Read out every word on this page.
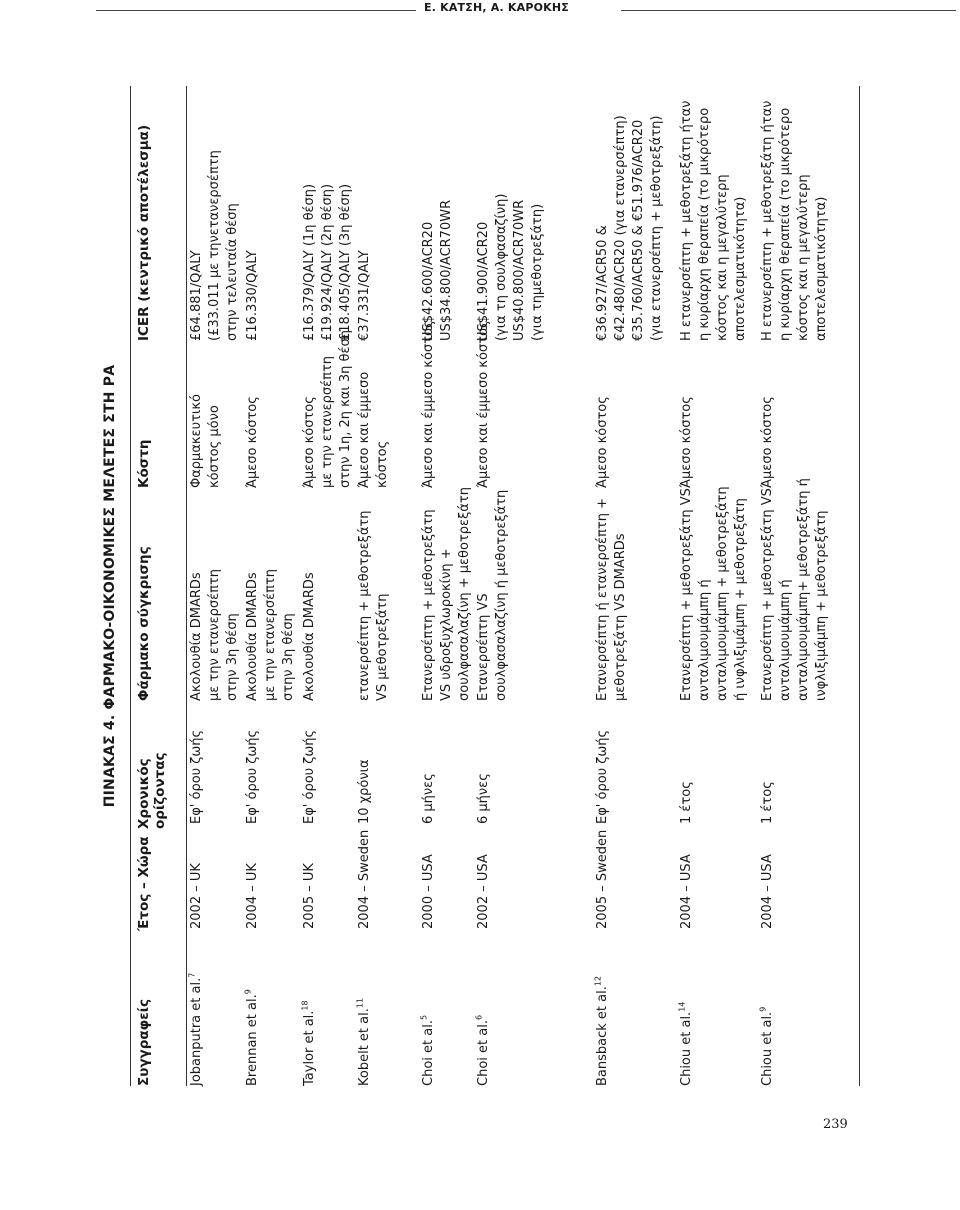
Ε. ΚΑΤΣΗ, Α. ΚΑΡΟΚΗΣ
ΠΙΝΑΚΑΣ 4. ΦΑΡΜΑΚΟ-ΟΙΚΟΝΟΜΙΚΕΣ ΜΕΛΕΤΕΣ ΣΤΗ ΡΑ
Συγγραφείς
Έτος – Χώρα
Χρονικός ορίζοντας
Φάρμακο σύγκρισης
Κόστη
ICER (κεντρικό αποτέλεσμα)
Jobanputra et al.$^7$
2002 – UK
Εφ' όρου ζωής
Ακολουθία DMARDs με την ετανερσέπτη στην 3η θέση
Φαρμακευτικό κόστος μόνο
£64.881/QALY (£33.011 με τηνετανερσέπτη στην τελευταία θέση
Brennan et al.$^9$
2004 – UK
Εφ' όρου ζωής
Ακολουθία DMARDs με την ετανερσέπτη στην 3η θέση
Άμεσο κόστος
£16.330/QALY
Taylor et al.$^{18}$
2005 – UK
Εφ' όρου ζωής
Ακολουθία DMARDs
Άμεσο κόστος με την ετανερσέπτη στην 1η, 2η και 3η θέση
£16.379/QALY (1η θέση) £19.924/QALY (2η θέση) £18.405/QALY (3η θέση)
Kobelt et al.$^{11}$
2004 – Sweden
10 χρόνια
ετανερσέπτη + μεθοτρεξάτη VS μεθοτρεξάτη
Άμεσο και έμμεσο κόστος
€37.331/QALY
Choi et al.$^5$
2000 – USA
6 μήνες
Ετανερσέπτη + μεθοτρεξάτη VS υδροξυχλωροκίνη + σουλφασαλαζίνη + μεθοτρεξάτη
Άμεσο και έμμεσο κόστος
US$42.600/ACR20 US$34.800/ACR70WR
Choi et al.$^6$
2002 – USA
6 μήνες
Ετανερσέπτη VS σουλφασαλαζίνη ή μεθοτρεξάτη
Άμεσο και έμμεσο κόστος
US$41.900/ACR20 (για τη σουλφασαζίνη) US$40.800/ACR70WR (για τημεθοτρεξάτη)
Bansback et al.$^{12}$
2005 – Sweden
Εφ' όρου ζωής
Ετανερσέπτη ή ετανερσέπτη + μεθοτρεξάτη VS DMARDs
Άμεσο κόστος
€36.927/ACR50 & €42.480/ACR20 (για ετανερσέπτη) €35.760/ACR50 & €51.976/ACR20 (για ετανερσέπτη + μεθοτρεξάτη)
Chiou et al.$^{14}$
2004 – USA
1 έτος
Ετανερσέπτη + μεθοτρεξάτη VS ανταλιμουμάμπη ή ανταλιμουμάμπη + μεθοτρεξάτη ή ινφλιξιμάμπη + μεθοτρεξάτη
Άμεσο κόστος
Η ετανερσέπτη + μεθοτρεξάτη ήταν η κυρίαρχη θεραπεία (το μικρότερο κόστος και η μεγαλύτερη αποτελεσματικότητα)
Chiou et al.$^9$
2004 – USA
1 έτος
Ετανερσέπτη + μεθοτρεξάτη VS ανταλιμουμάμπη ή ανταλιμουμάμπη+ μεθοτρεξάτη ή ινφλιξιμάμπη + μεθοτρεξάτη
Άμεσο κόστος
Η ετανερσέπτη + μεθοτρεξάτη ήταν η κυρίαρχη θεραπεία (το μικρότερο κόστος και η μεγαλύτερη αποτελεσματικότητα)
239
